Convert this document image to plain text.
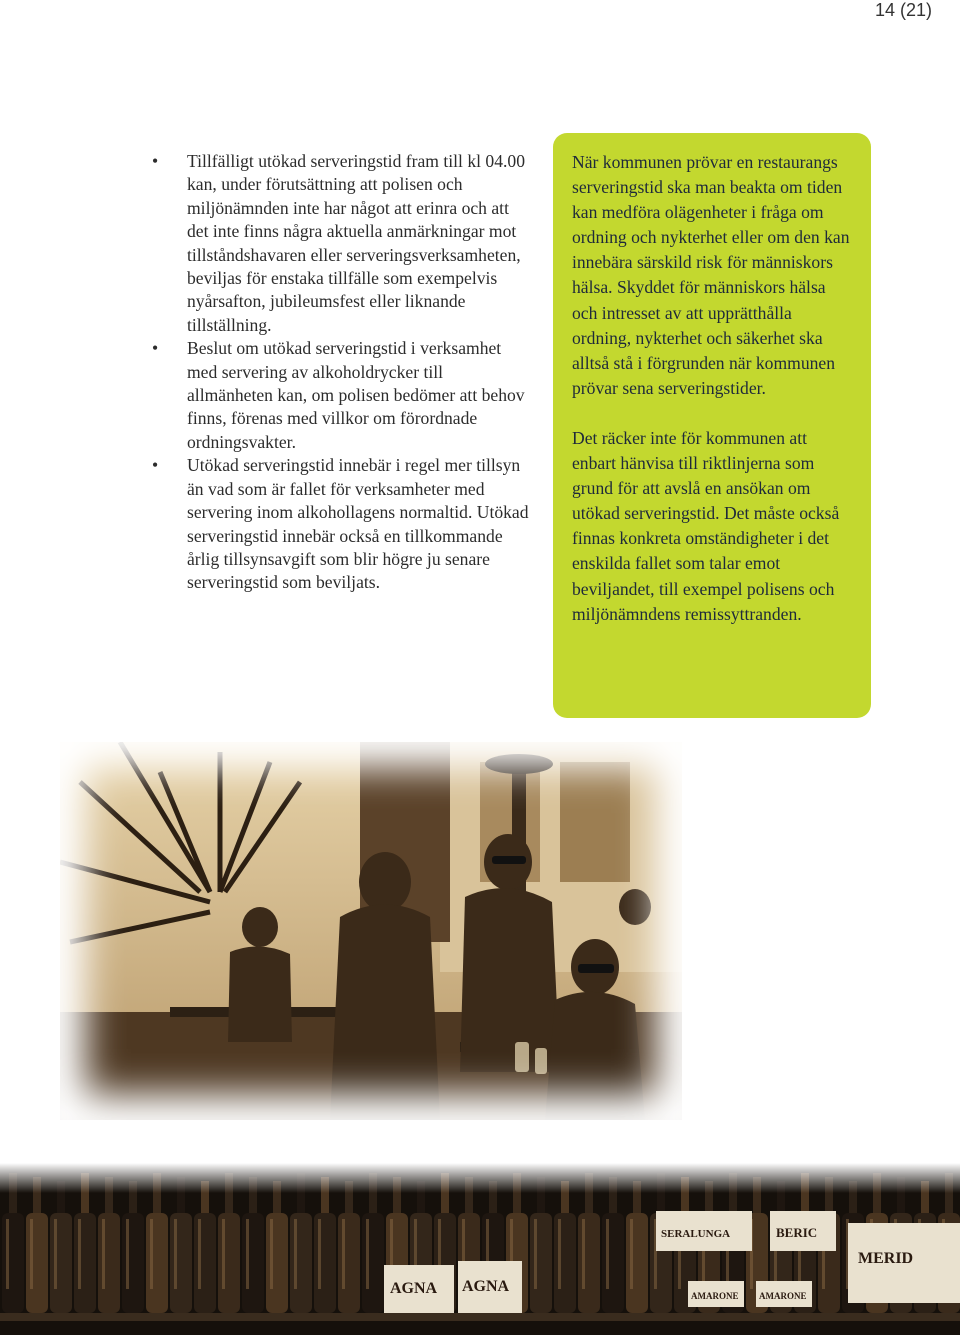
14 (21)
• Tillfälligt utökad serveringstid fram till kl 04.00 kan, under förutsättning att polisen och miljönämnden inte har något att erinra och att det inte finns några aktuella anmärkningar mot tillståndshavaren eller serveringsverksamheten, beviljas för enstaka tillfälle som exempelvis nyårsafton, jubileumsfest eller liknande tillställning.
• Beslut om utökad serveringstid i verksamhet med servering av alkoholdrycker till allmänheten kan, om polisen bedömer att behov finns, förenas med villkor om förordnade ordningsvakter.
• Utökad serveringstid innebär i regel mer tillsyn än vad som är fallet för verksamheter med servering inom alkohollagens normaltid. Utökad serveringstid innebär också en tillkommande årlig tillsynsavgift som blir högre ju senare serveringstid som beviljats.

När kommunen prövar en restaurangs serveringstid ska man beakta om tiden kan medföra olägenheter i fråga om ordning och nykterhet eller om den kan innebära särskild risk för människors hälsa. Skyddet för människors hälsa och intresset av att upprätthålla ordning, nykterhet och säkerhet ska alltså stå i förgrunden när kommunen prövar sena serveringstider.

Det räcker inte för kommunen att enbart hänvisa till riktlinjerna som grund för att avslå en ansökan om utökad serveringstid. Det måste också finnas konkreta omständigheter i det enskilda fallet som talar emot beviljandet, till exempel polisens och miljönämndens remissyttranden.

MERID
AGNA AGNA
AMARONE AMARONE
SERALUNGA	BERIC
